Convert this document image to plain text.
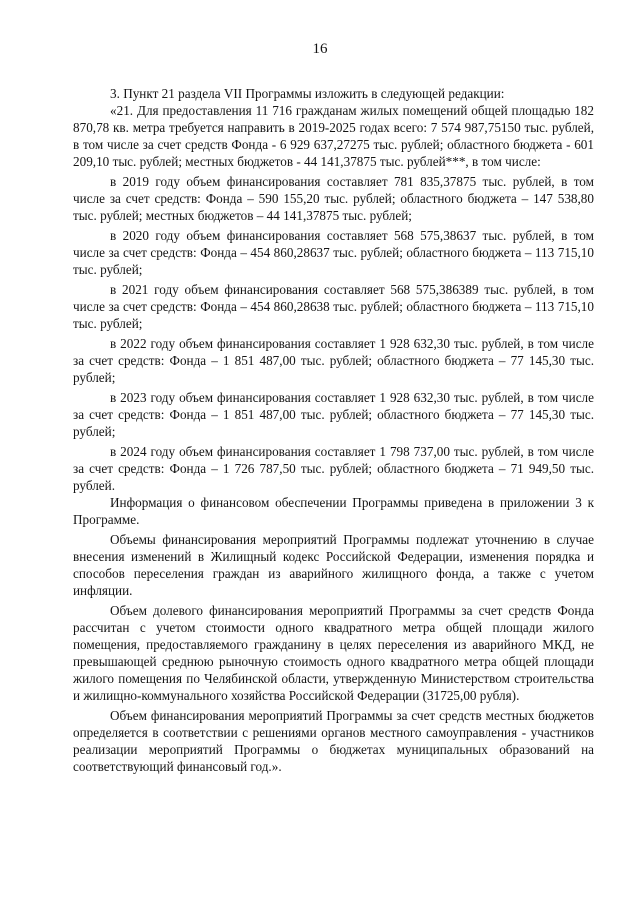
16

3. Пункт 21 раздела VII Программы изложить в следующей редакции:

«21. Для предоставления 11 716 гражданам жилых помещений общей площадью 182 870,78 кв. метра требуется направить в 2019-2025 годах всего: 7 574 987,75150 тыс. рублей, в том числе за счет средств Фонда - 6 929 637,27275 тыс. рублей; областного бюджета - 601 209,10 тыс. рублей; местных бюджетов - 44 141,37875 тыс. рублей***, в том числе:

в 2019 году объем финансирования составляет 781 835,37875 тыс. рублей, в том числе за счет средств: Фонда – 590 155,20 тыс. рублей; областного бюджета – 147 538,80 тыс. рублей; местных бюджетов – 44 141,37875 тыс. рублей;

в 2020 году объем финансирования составляет 568 575,38637 тыс. рублей, в том числе за счет средств: Фонда – 454 860,28637 тыс. рублей; областного бюджета – 113 715,10 тыс. рублей;

в 2021 году объем финансирования составляет 568 575,386389 тыс. рублей, в том числе за счет средств: Фонда – 454 860,28638 тыс. рублей; областного бюджета – 113 715,10 тыс. рублей;

в 2022 году объем финансирования составляет 1 928 632,30 тыс. рублей, в том числе за счет средств: Фонда – 1 851 487,00 тыс. рублей; областного бюджета – 77 145,30 тыс. рублей;

в 2023 году объем финансирования составляет 1 928 632,30 тыс. рублей, в том числе за счет средств: Фонда – 1 851 487,00 тыс. рублей; областного бюджета – 77 145,30 тыс. рублей;

в 2024 году объем финансирования составляет 1 798 737,00 тыс. рублей, в том числе за счет средств: Фонда – 1 726 787,50 тыс. рублей; областного бюджета – 71 949,50 тыс. рублей.

Информация о финансовом обеспечении Программы приведена в приложении 3 к Программе.

Объемы финансирования мероприятий Программы подлежат уточнению в случае внесения изменений в Жилищный кодекс Российской Федерации, изменения порядка и способов переселения граждан из аварийного жилищного фонда, а также с учетом инфляции.

Объем долевого финансирования мероприятий Программы за счет средств Фонда рассчитан с учетом стоимости одного квадратного метра общей площади жилого помещения, предоставляемого гражданину в целях переселения из аварийного МКД, не превышающей среднюю рыночную стоимость одного квадратного метра общей площади жилого помещения по Челябинской области, утвержденную Министерством строительства и жилищно-коммунального хозяйства Российской Федерации (31725,00 рубля).

Объем финансирования мероприятий Программы за счет средств местных бюджетов определяется в соответствии с решениями органов местного самоуправления - участников реализации мероприятий Программы о бюджетах муниципальных образований на соответствующий финансовый год.».
